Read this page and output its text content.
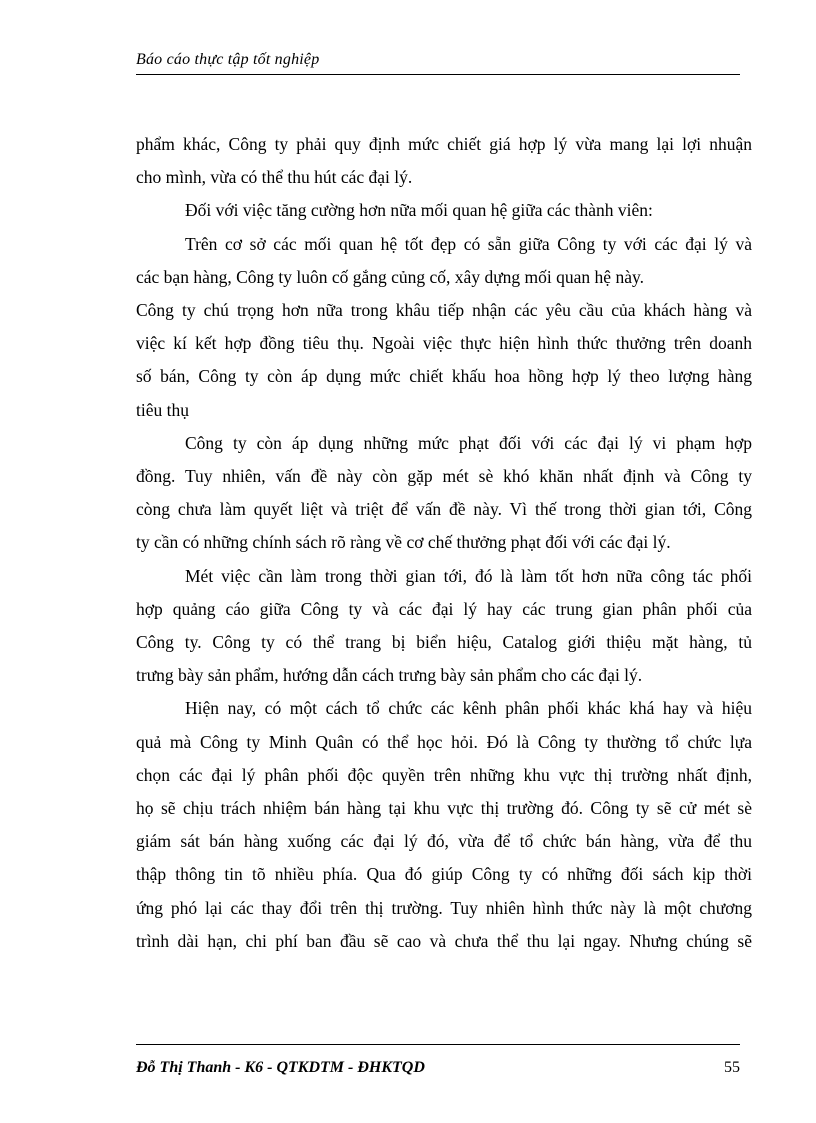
Báo cáo thực tập tốt nghiệp
phẩm khác, Công ty phải quy định mức chiết giá hợp lý vừa mang lại lợi nhuận
cho mình, vừa có thể thu hút các đại lý.
Đối với việc tăng cường hơn nữa mối quan hệ giữa các thành viên:
Trên cơ sở các mối quan hệ tốt đẹp có sẵn giữa Công ty với các đại lý và
các bạn hàng, Công ty luôn cố gắng củng cố, xây dựng mối quan hệ này.
Công ty chú trọng hơn nữa trong khâu tiếp nhận các yêu cầu của khách hàng và
việc kí kết hợp đồng tiêu thụ. Ngoài việc thực hiện hình thức thưởng trên doanh
số bán, Công ty còn áp dụng mức chiết khấu hoa hồng hợp lý theo lượng hàng
tiêu thụ
Công ty còn áp dụng những mức phạt đối với các đại lý vi phạm hợp
đồng. Tuy nhiên, vấn đề này còn gặp mét sè khó khăn nhất định và Công ty
còng chưa làm quyết liệt và triệt để vấn đề này. Vì thế trong thời gian tới, Công
ty cần có những chính sách rõ ràng về cơ chế thưởng phạt đối với các đại lý.
Mét việc cần làm trong thời gian tới, đó là làm tốt hơn nữa công tác phối
hợp quảng cáo giữa Công ty và các đại lý hay các trung gian phân phối của
Công ty. Công ty có thể trang bị biển hiệu, Catalog giới thiệu mặt hàng, tủ
trưng bày sản phẩm, hướng dẫn cách trưng bày sản phẩm cho các đại lý.
Hiện nay, có một cách tổ chức các kênh phân phối khác khá hay và hiệu
quả mà Công ty Minh Quân có thể học hỏi. Đó là Công ty thường tổ chức lựa
chọn các đại lý phân phối độc quyền trên những khu vực thị trường nhất định,
họ sẽ chịu trách nhiệm bán hàng tại khu vực thị trường đó. Công ty sẽ cử mét sè
giám sát bán hàng xuống các đại lý đó, vừa để tổ chức bán hàng, vừa để thu
thập thông tin tõ nhiều phía. Qua đó giúp Công ty có những đối sách kịp thời
ứng phó lại các thay đổi trên thị trường. Tuy nhiên hình thức này là một chương
trình dài hạn, chi phí ban đầu sẽ cao và chưa thể thu lại ngay. Nhưng chúng sẽ
Đỗ Thị Thanh - K6 - QTKDTM - ĐHKTQD	55
